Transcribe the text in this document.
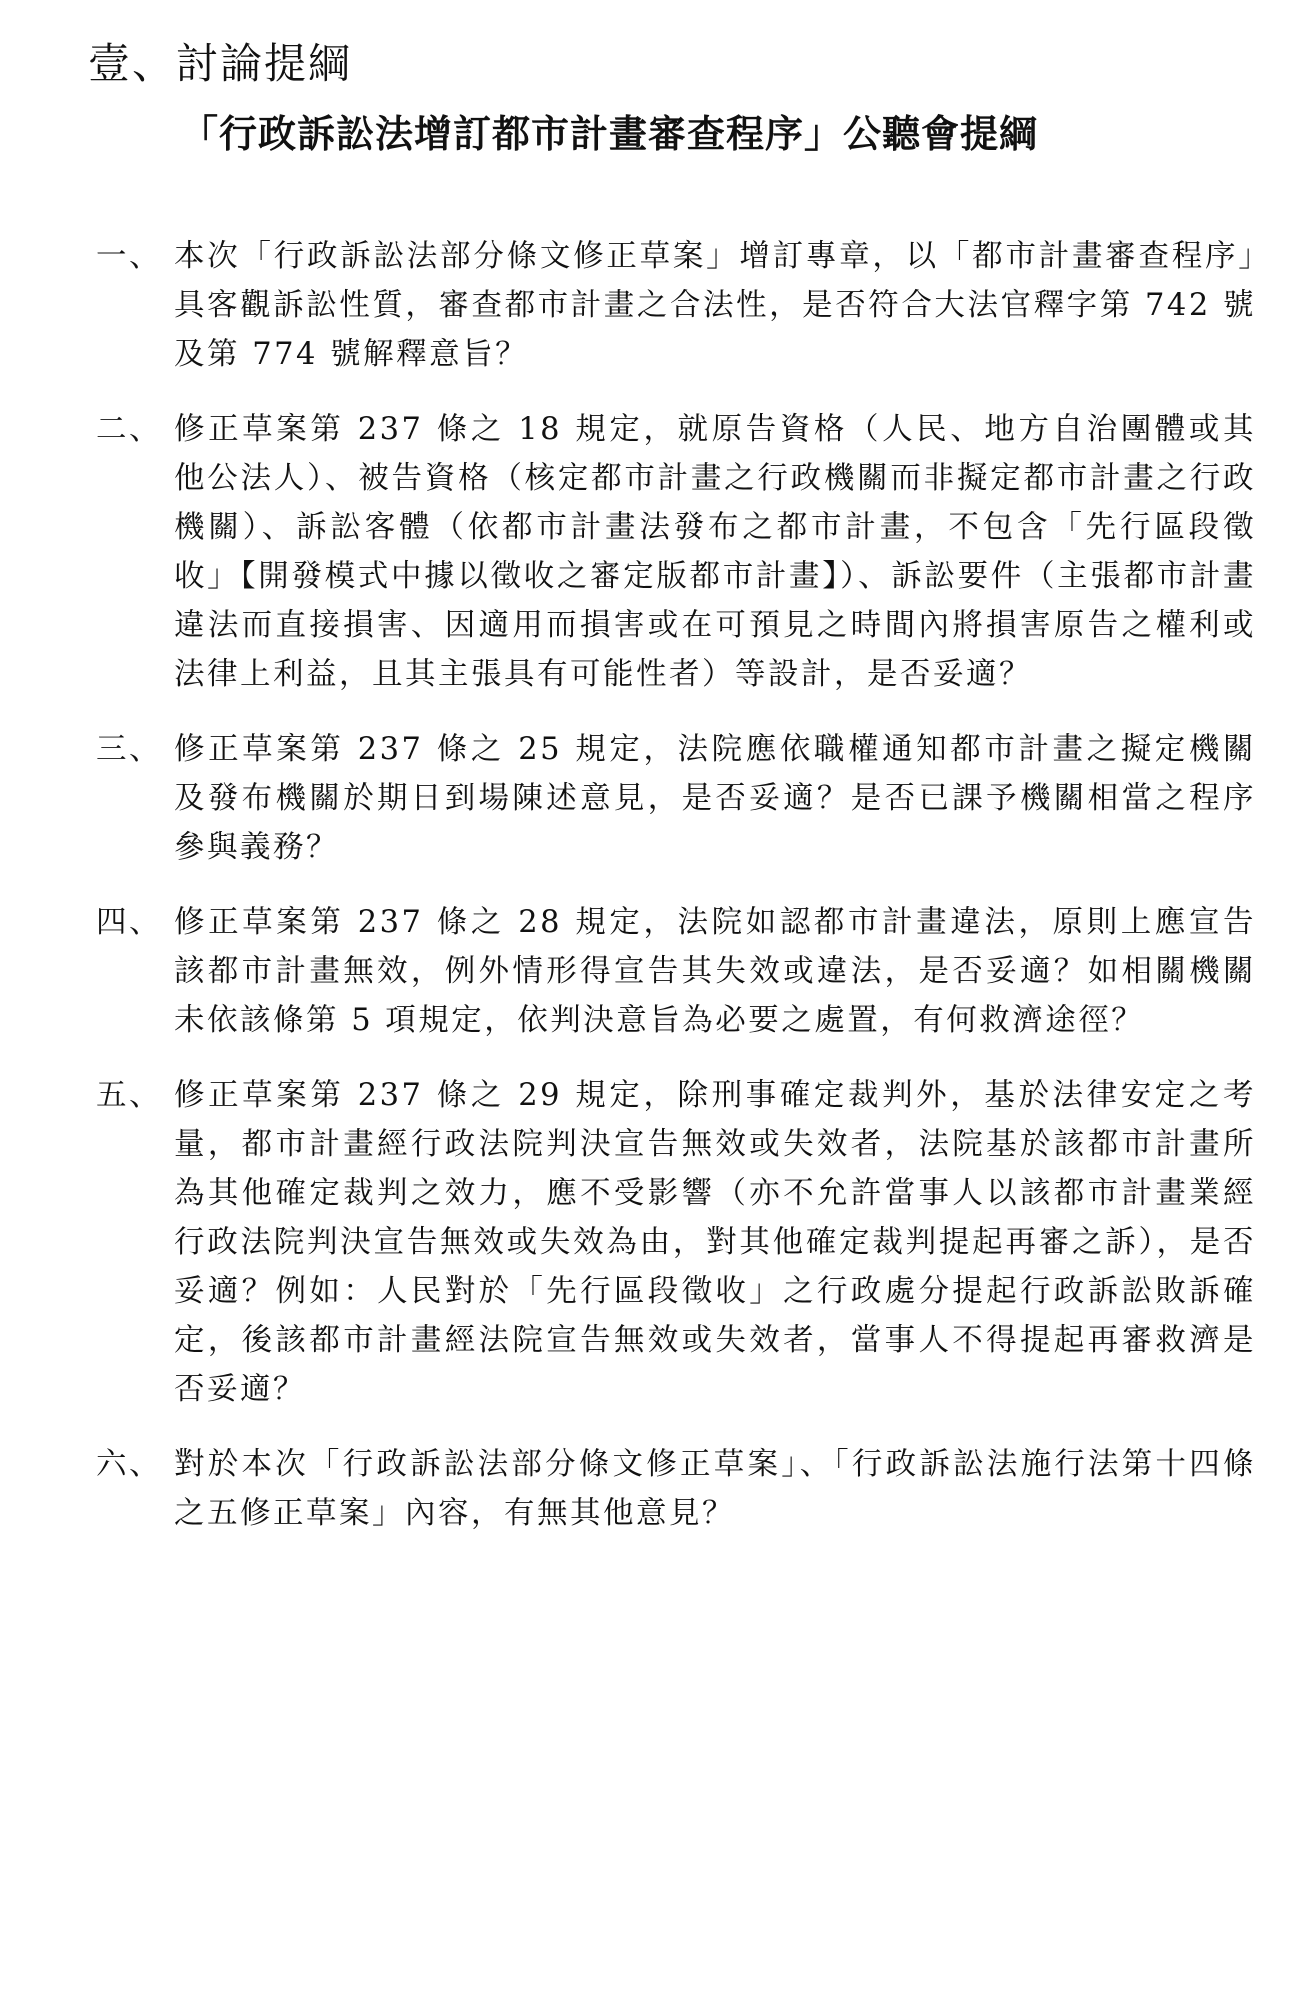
壹、討論提綱
「行政訴訟法增訂都市計畫審查程序」公聽會提綱
一、 本次「行政訴訟法部分條文修正草案」增訂專章，以「都市計畫審查程序」具客觀訴訟性質，審查都市計畫之合法性，是否符合大法官釋字第 742 號及第 774 號解釋意旨？
二、 修正草案第 237 條之 18 規定，就原告資格（人民、地方自治團體或其他公法人）、被告資格（核定都市計畫之行政機關而非擬定都市計畫之行政機關）、訴訟客體（依都市計畫法發布之都市計畫，不包含「先行區段徵收」【開發模式中據以徵收之審定版都市計畫】）、訴訟要件（主張都市計畫違法而直接損害、因適用而損害或在可預見之時間內將損害原告之權利或法律上利益，且其主張具有可能性者）等設計，是否妥適？
三、 修正草案第 237 條之 25 規定，法院應依職權通知都市計畫之擬定機關及發布機關於期日到場陳述意見，是否妥適？是否已課予機關相當之程序參與義務？
四、 修正草案第 237 條之 28 規定，法院如認都市計畫違法，原則上應宣告該都市計畫無效，例外情形得宣告其失效或違法，是否妥適？如相關機關未依該條第 5 項規定，依判決意旨為必要之處置，有何救濟途徑？
五、 修正草案第 237 條之 29 規定，除刑事確定裁判外，基於法律安定之考量，都市計畫經行政法院判決宣告無效或失效者，法院基於該都市計畫所為其他確定裁判之效力，應不受影響（亦不允許當事人以該都市計畫業經行政法院判決宣告無效或失效為由，對其他確定裁判提起再審之訴），是否妥適？例如：人民對於「先行區段徵收」之行政處分提起行政訴訟敗訴確定，後該都市計畫經法院宣告無效或失效者，當事人不得提起再審救濟是否妥適？
六、 對於本次「行政訴訟法部分條文修正草案」、「行政訴訟法施行法第十四條之五修正草案」內容，有無其他意見？
